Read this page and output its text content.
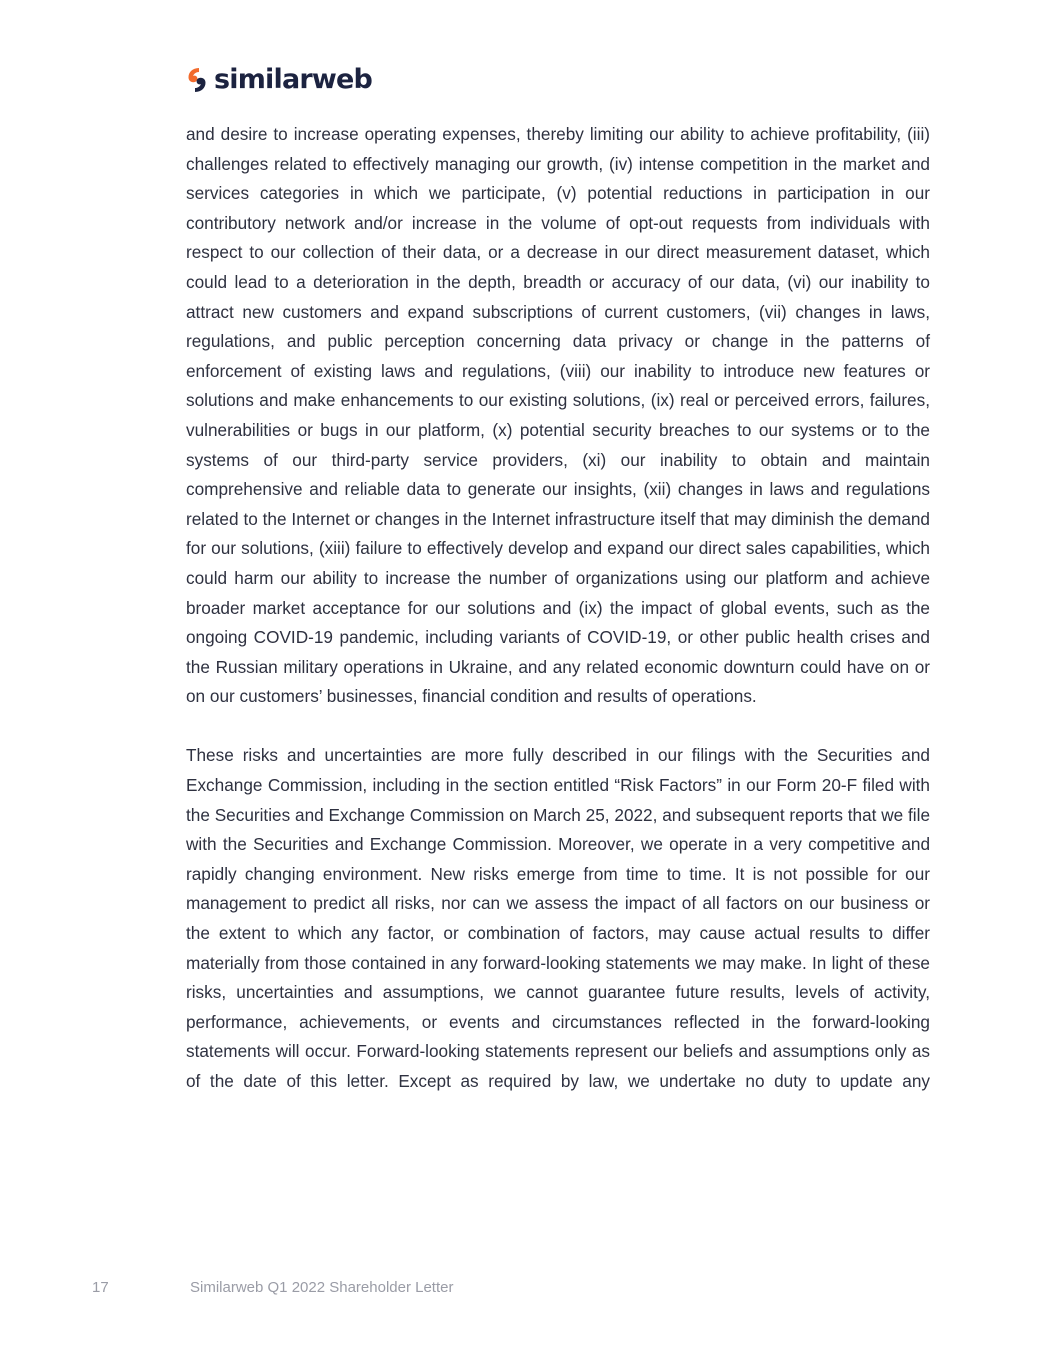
similarweb

and desire to increase operating expenses, thereby limiting our ability to achieve profitability, (iii) challenges related to effectively managing our growth, (iv) intense competition in the market and services categories in which we participate, (v) potential reductions in participation in our contributory network and/or increase in the volume of opt-out requests from individuals with respect to our collection of their data, or a decrease in our direct measurement dataset, which could lead to a deterioration in the depth, breadth or accuracy of our data, (vi) our inability to attract new customers and expand subscriptions of current customers, (vii) changes in laws, regulations, and public perception concerning data privacy or change in the patterns of enforcement of existing laws and regulations, (viii) our inability to introduce new features or solutions and make enhancements to our existing solutions, (ix) real or perceived errors, failures, vulnerabilities or bugs in our platform, (x) potential security breaches to our systems or to the systems of our third-party service providers, (xi) our inability to obtain and maintain comprehensive and reliable data to generate our insights, (xii) changes in laws and regulations related to the Internet or changes in the Internet infrastructure itself that may diminish the demand for our solutions, (xiii) failure to effectively develop and expand our direct sales capabilities, which could harm our ability to increase the number of organizations using our platform and achieve broader market acceptance for our solutions and (ix) the impact of global events, such as the ongoing COVID-19 pandemic, including variants of COVID-19, or other public health crises and the Russian military operations in Ukraine, and any related economic downturn could have on or on our customers’ businesses, financial condition and results of operations.

These risks and uncertainties are more fully described in our filings with the Securities and Exchange Commission, including in the section entitled “Risk Factors” in our Form 20-F filed with the Securities and Exchange Commission on March 25, 2022, and subsequent reports that we file with the Securities and Exchange Commission. Moreover, we operate in a very competitive and rapidly changing environment. New risks emerge from time to time. It is not possible for our management to predict all risks, nor can we assess the impact of all factors on our business or the extent to which any factor, or combination of factors, may cause actual results to differ materially from those contained in any forward-looking statements we may make. In light of these risks, uncertainties and assumptions, we cannot guarantee future results, levels of activity, performance, achievements, or events and circumstances reflected in the forward-looking statements will occur. Forward-looking statements represent our beliefs and assumptions only as of the date of this letter. Except as required by law, we undertake no duty to update any

17	Similarweb Q1 2022 Shareholder Letter
